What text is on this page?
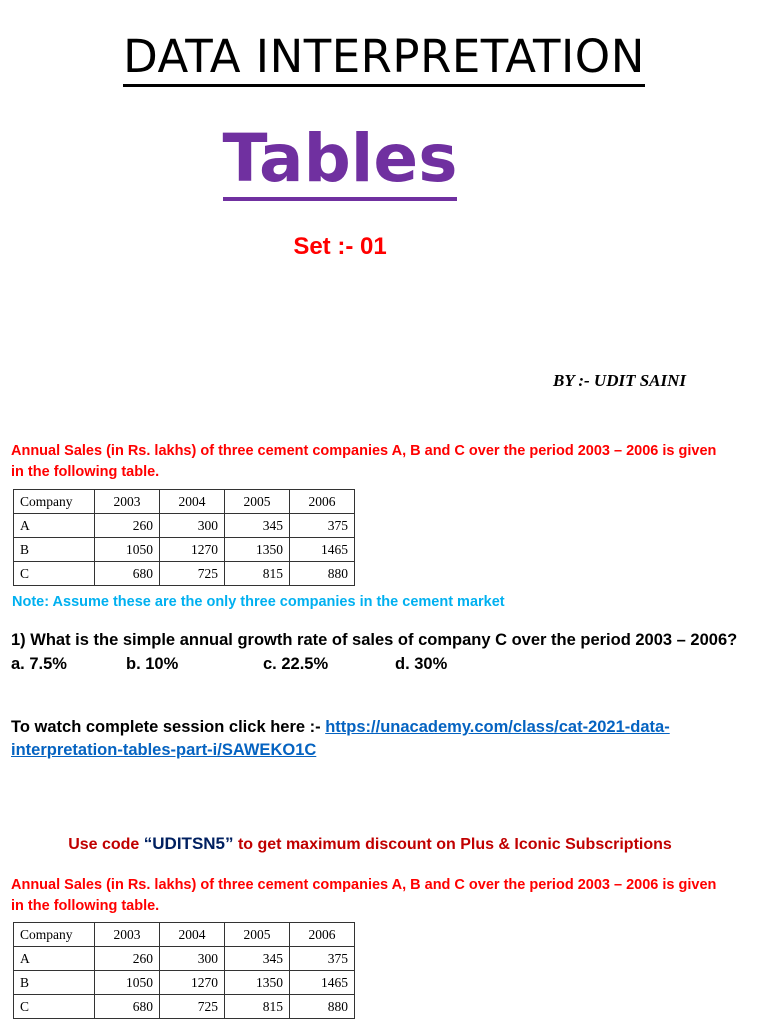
DATA INTERPRETATION
Tables
Set :- 01
BY :- UDIT SAINI
Annual Sales (in Rs. lakhs) of three cement companies A, B and C over the period 2003 – 2006 is given
in the following table.
Company	2003	2004	2005	2006
A	260	300	345	375
B	1050	1270	1350	1465
C	680	725	815	880
Note: Assume these are the only three companies in the cement market
1) What is the simple annual growth rate of sales of company C over the period 2003 – 2006?
a. 7.5%	b. 10%	c. 22.5%	d. 30%
To watch complete session click here :- https://unacademy.com/class/cat-2021-data-
interpretation-tables-part-i/SAWEKO1C
Use code “UDITSN5” to get maximum discount on Plus & Iconic Subscriptions
Annual Sales (in Rs. lakhs) of three cement companies A, B and C over the period 2003 – 2006 is given
in the following table.
Company	2003	2004	2005	2006
A	260	300	345	375
B	1050	1270	1350	1465
C	680	725	815	880
